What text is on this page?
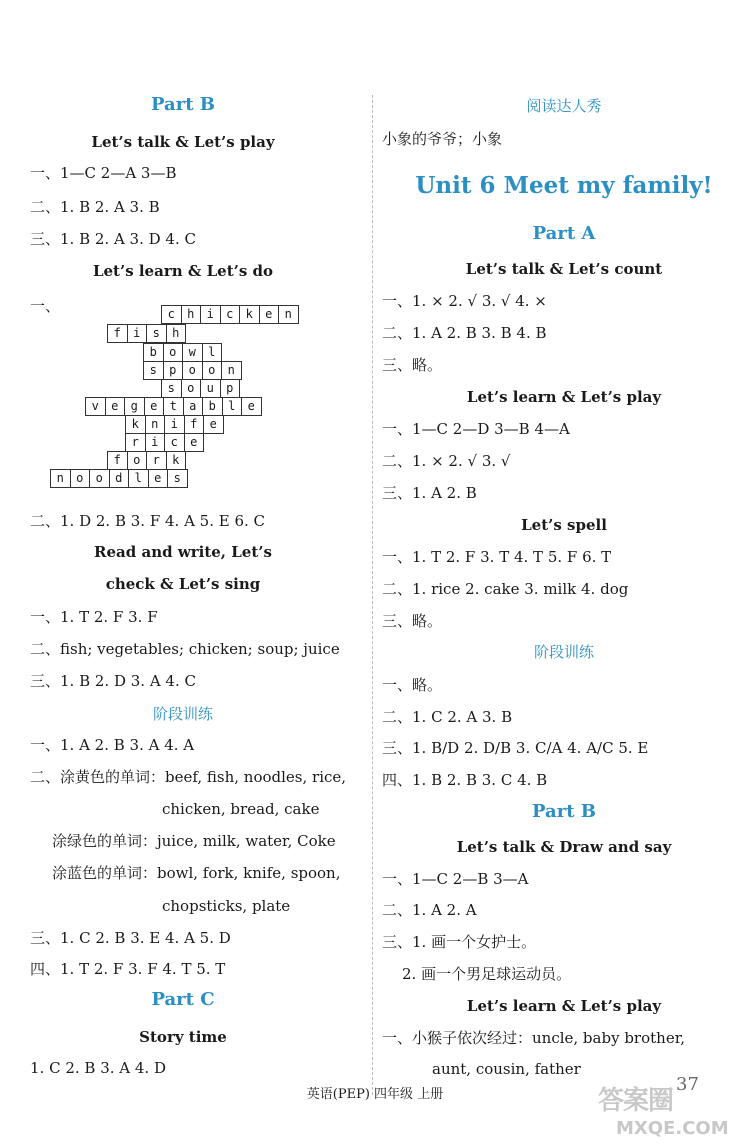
Part B
Let’s talk & Let’s play
一、1—C 2—A 3—B
二、1. B 2. A 3. B
三、1. B 2. A 3. D 4. C
Let’s learn & Let’s do
一、	c	h	i	c	k	e	n
f	i	s	h
b	o	w	l
s	p	o	o	n
s	o	u	p
v	e	g	e	t	a	b	l	e
k	n	i	f	e
r	i	c	e
f	o	r	k
n	o	o	d	l	e	s
二、1. D 2. B 3. F 4. A 5. E 6. C
Read and write, Let’s
check & Let’s sing
一、1. T 2. F 3. F
二、fish; vegetables; chicken; soup; juice
三、1. B 2. D 3. A 4. C
阶段训练
一、1. A 2. B 3. A 4. A
二、涂黄色的单词：beef, fish, noodles, rice,
chicken, bread, cake
涂绿色的单词：juice, milk, water, Coke
涂蓝色的单词：bowl, fork, knife, spoon,
chopsticks, plate
三、1. C 2. B 3. E 4. A 5. D
四、1. T 2. F 3. F 4. T 5. T
Part C
Story time
1. C 2. B 3. A 4. D
阅读达人秀
小象的爷爷；小象
Unit 6 Meet my family!
Part A
Let’s talk & Let’s count
一、1. × 2. √ 3. √ 4. ×
二、1. A 2. B 3. B 4. B
三、略。
Let’s learn & Let’s play
一、1—C 2—D 3—B 4—A
二、1. × 2. √ 3. √
三、1. A 2. B
Let’s spell
一、1. T 2. F 3. T 4. T 5. F 6. T
二、1. rice 2. cake 3. milk 4. dog
三、略。
阶段训练
一、略。
二、1. C 2. A 3. B
三、1. B/D 2. D/B 3. C/A 4. A/C 5. E
四、1. B 2. B 3. C 4. B
Part B
Let’s talk & Draw and say
一、1—C 2—B 3—A
二、1. A 2. A
三、1. 画一个女护士。
2. 画一个男足球运动员。
Let’s learn & Let’s play
一、小猴子依次经过：uncle, baby brother,
aunt, cousin, father
英语(PEP) 四年级 上册	37
答案圈
MXQE.COM
